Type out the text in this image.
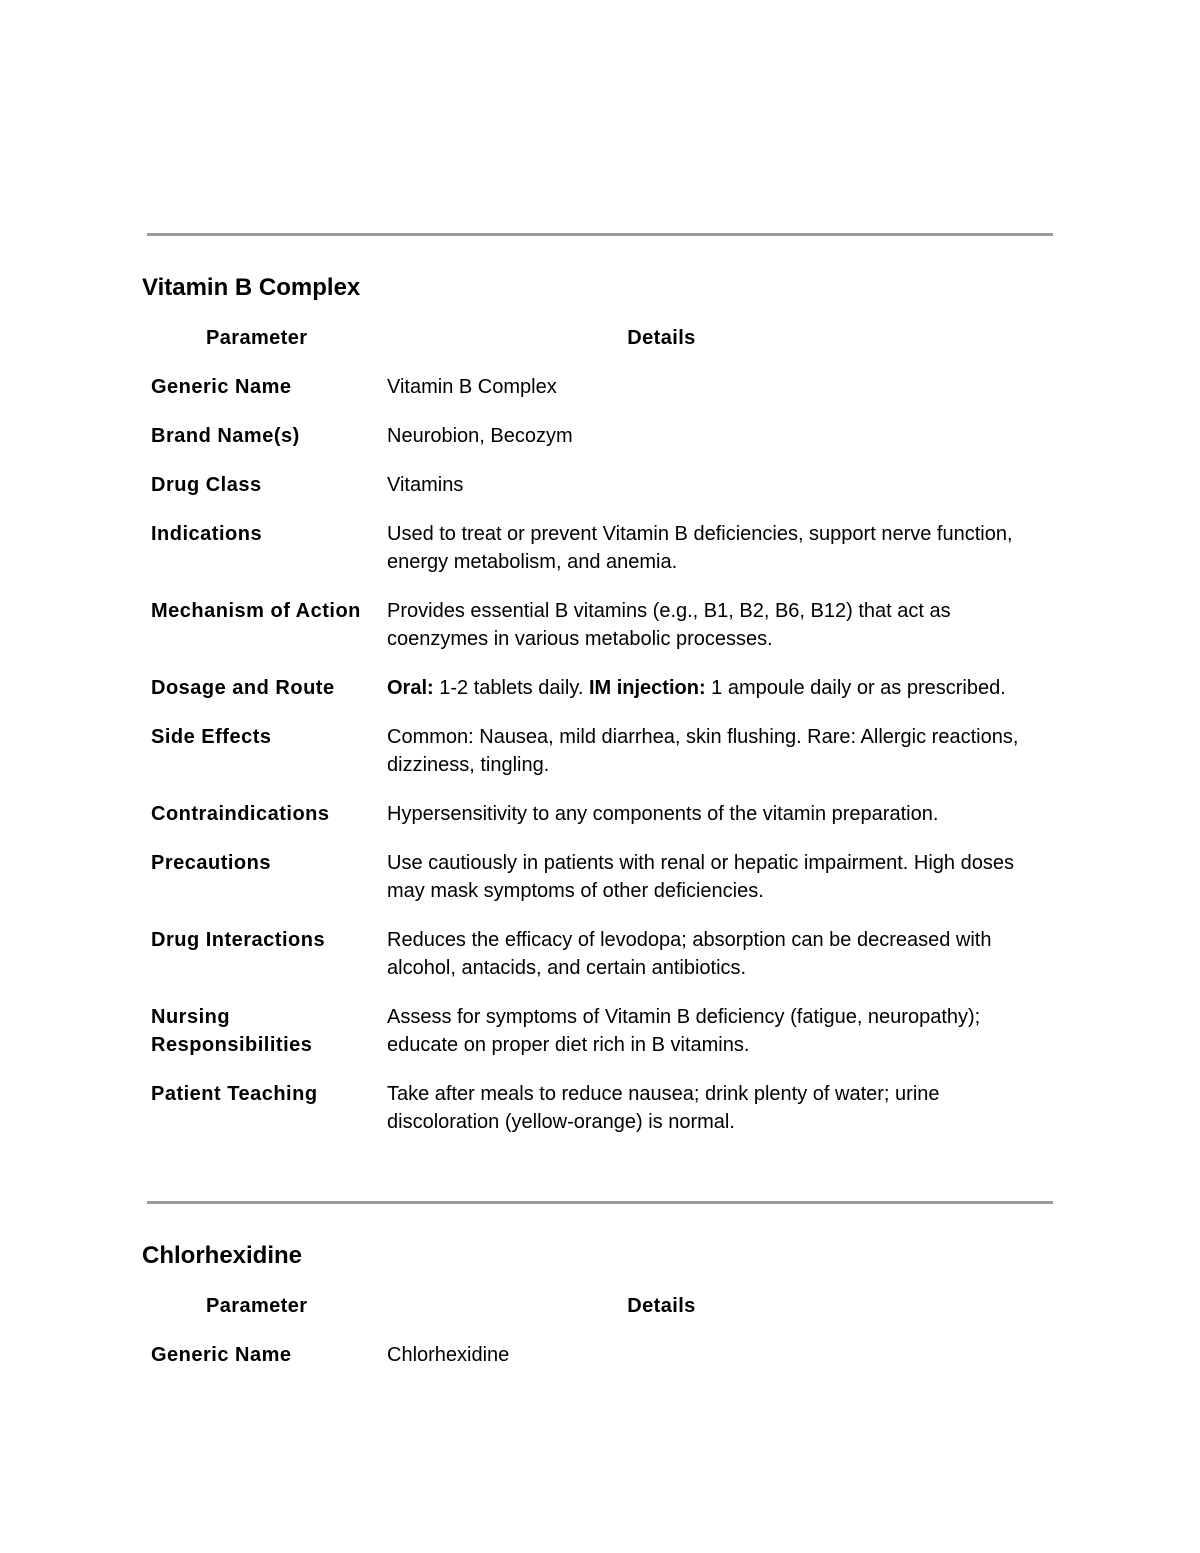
Vitamin B Complex
Parameter	Details
Generic Name	Vitamin B Complex
Brand Name(s)	Neurobion, Becozym
Drug Class	Vitamins
Indications	Used to treat or prevent Vitamin B deficiencies, support nerve function, energy metabolism, and anemia.
Mechanism of Action	Provides essential B vitamins (e.g., B1, B2, B6, B12) that act as coenzymes in various metabolic processes.
Dosage and Route	Oral: 1-2 tablets daily. IM injection: 1 ampoule daily or as prescribed.
Side Effects	Common: Nausea, mild diarrhea, skin flushing. Rare: Allergic reactions, dizziness, tingling.
Contraindications	Hypersensitivity to any components of the vitamin preparation.
Precautions	Use cautiously in patients with renal or hepatic impairment. High doses may mask symptoms of other deficiencies.
Drug Interactions	Reduces the efficacy of levodopa; absorption can be decreased with alcohol, antacids, and certain antibiotics.
Nursing Responsibilities	Assess for symptoms of Vitamin B deficiency (fatigue, neuropathy); educate on proper diet rich in B vitamins.
Patient Teaching	Take after meals to reduce nausea; drink plenty of water; urine discoloration (yellow-orange) is normal.
Chlorhexidine
Parameter	Details
Generic Name	Chlorhexidine
